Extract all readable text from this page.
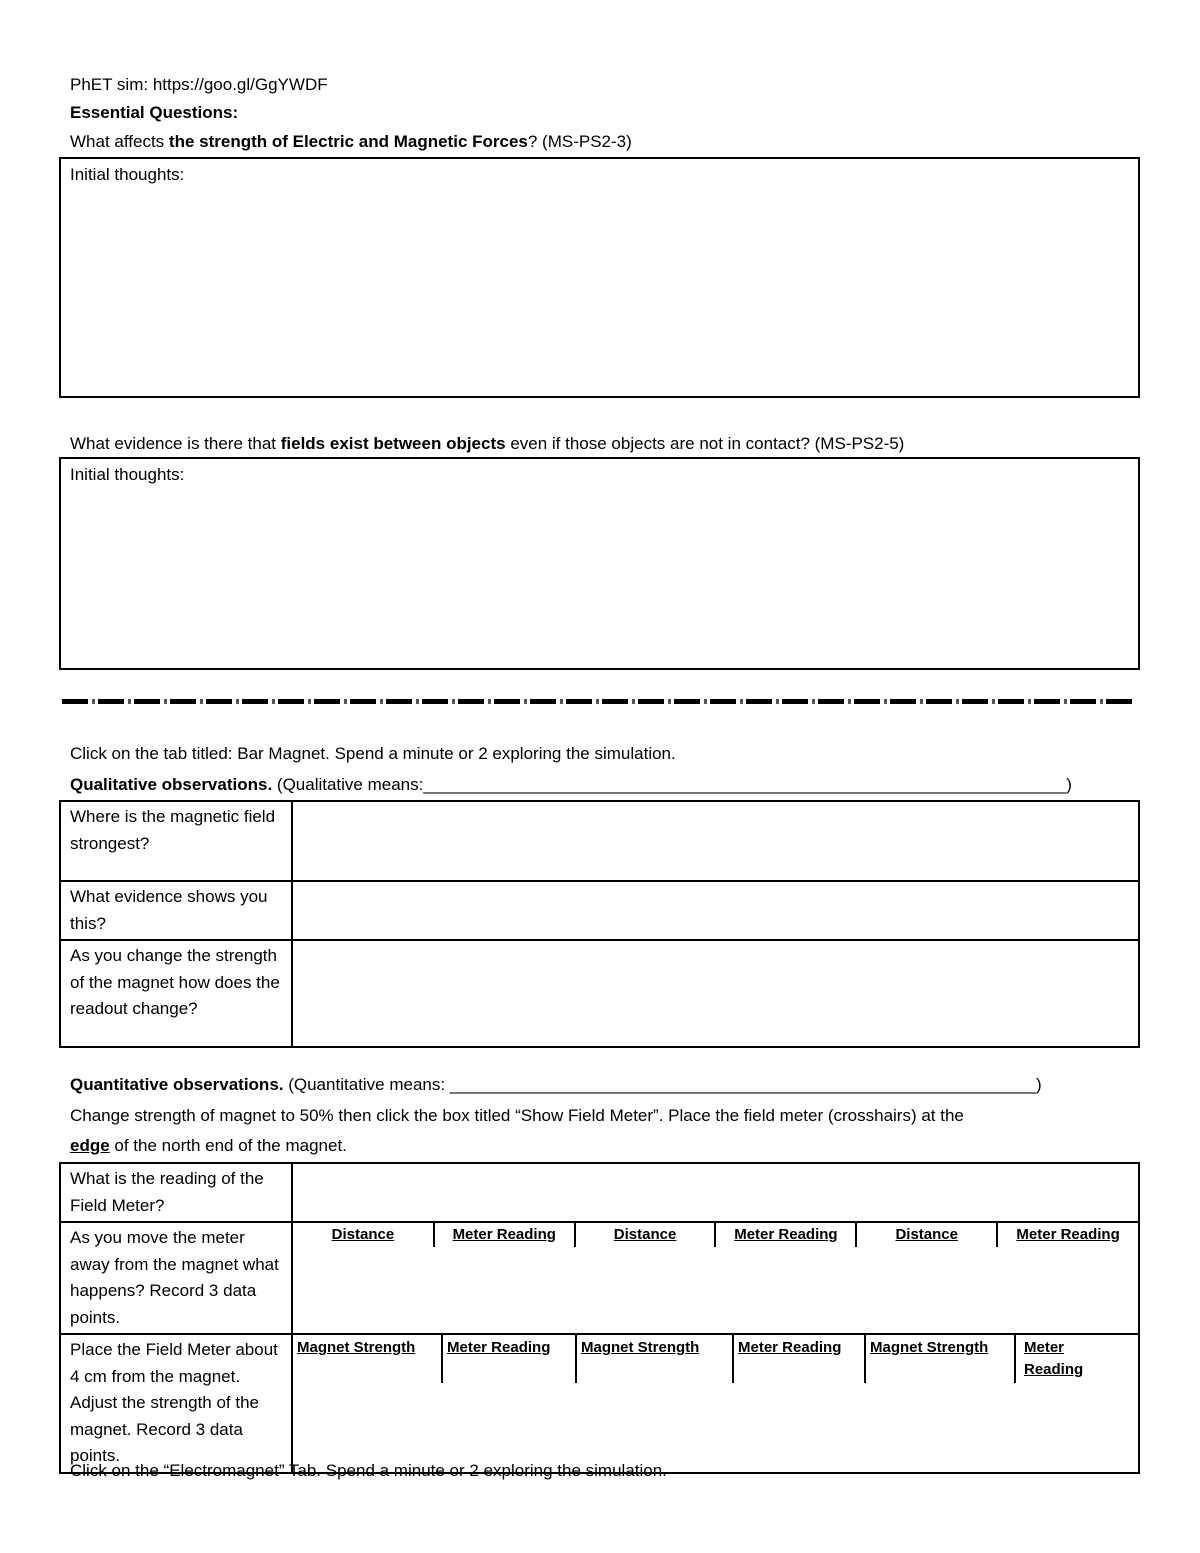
PhET sim: https://goo.gl/GgYWDF
Essential Questions:
What affects the strength of Electric and Magnetic Forces? (MS-PS2-3)
Initial thoughts:
What evidence is there that fields exist between objects even if those objects are not in contact? (MS-PS2-5)
Initial thoughts:
Click on the tab titled: Bar Magnet. Spend a minute or 2 exploring the simulation.
Qualitative observations. (Qualitative means:____________________________________________________________________)
Where is the magnetic field strongest?	
What evidence shows you this?	
As you change the strength of the magnet how does the readout change?	
Quantitative observations. (Quantitative means: ______________________________________________________________)
Change strength of magnet to 50% then click the box titled “Show Field Meter”. Place the field meter (crosshairs) at the
edge of the north end of the magnet.
What is the reading of the Field Meter?	
As you move the meter away from the magnet what happens? Record 3 data points.	
Distance	Meter Reading	Distance	Meter Reading	Distance	Meter Reading

Place the Field Meter about 4 cm from the magnet. Adjust the strength of the magnet. Record 3 data points.	
Magnet Strength	Meter Reading	Magnet Strength	Meter Reading	Magnet Strength	Meter Reading
Click on the “Electromagnet” Tab. Spend a minute or 2 exploring the simulation.
